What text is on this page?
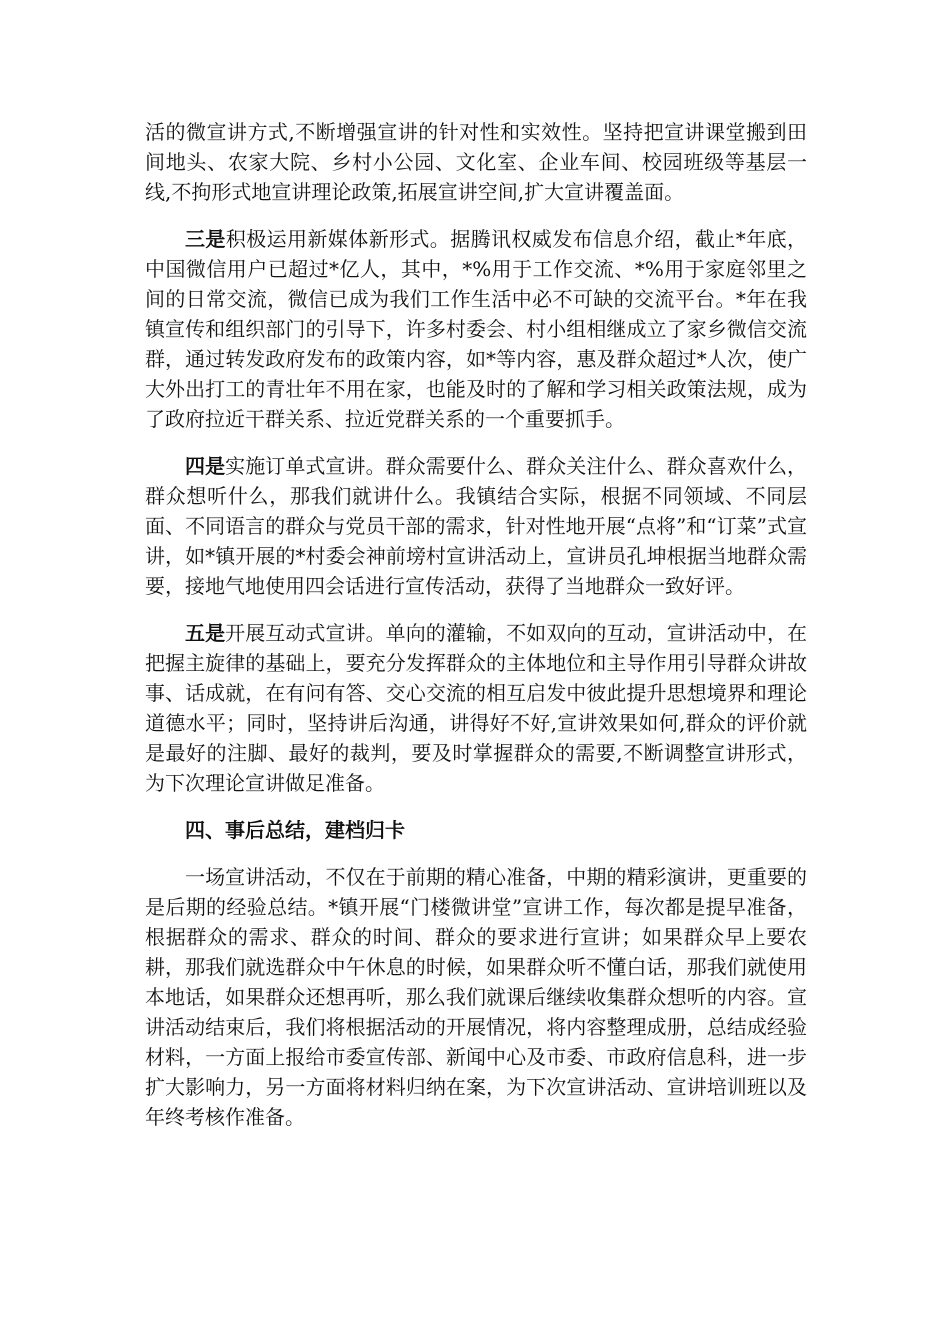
活的微宣讲方式,不断增强宣讲的针对性和实效性。坚持把宣讲课堂搬到田间地头、农家大院、乡村小公园、文化室、企业车间、校园班级等基层一线,不拘形式地宣讲理论政策,拓展宣讲空间,扩大宣讲覆盖面。

三是积极运用新媒体新形式。据腾讯权威发布信息介绍，截止*年底，中国微信用户已超过*亿人，其中，*%用于工作交流、*%用于家庭邻里之间的日常交流，微信已成为我们工作生活中必不可缺的交流平台。*年在我镇宣传和组织部门的引导下，许多村委会、村小组相继成立了家乡微信交流群，通过转发政府发布的政策内容，如*等内容，惠及群众超过*人次，使广大外出打工的青壮年不用在家，也能及时的了解和学习相关政策法规，成为了政府拉近干群关系、拉近党群关系的一个重要抓手。

四是实施订单式宣讲。群众需要什么、群众关注什么、群众喜欢什么，群众想听什么，那我们就讲什么。我镇结合实际，根据不同领域、不同层面、不同语言的群众与党员干部的需求，针对性地开展“点将”和“订菜”式宣讲，如*镇开展的*村委会神前塝村宣讲活动上，宣讲员孔坤根据当地群众需要，接地气地使用四会话进行宣传活动，获得了当地群众一致好评。

五是开展互动式宣讲。单向的灌输，不如双向的互动，宣讲活动中，在把握主旋律的基础上，要充分发挥群众的主体地位和主导作用引导群众讲故事、话成就，在有问有答、交心交流的相互启发中彼此提升思想境界和理论道德水平；同时，坚持讲后沟通，讲得好不好,宣讲效果如何,群众的评价就是最好的注脚、最好的裁判，要及时掌握群众的需要,不断调整宣讲形式，为下次理论宣讲做足准备。

四、事后总结，建档归卡

一场宣讲活动，不仅在于前期的精心准备，中期的精彩演讲，更重要的是后期的经验总结。*镇开展“门楼微讲堂”宣讲工作，每次都是提早准备，根据群众的需求、群众的时间、群众的要求进行宣讲；如果群众早上要农耕，那我们就选群众中午休息的时候，如果群众听不懂白话，那我们就使用本地话，如果群众还想再听，那么我们就课后继续收集群众想听的内容。宣讲活动结束后，我们将根据活动的开展情况，将内容整理成册，总结成经验材料，一方面上报给市委宣传部、新闻中心及市委、市政府信息科，进一步扩大影响力，另一方面将材料归纳在案，为下次宣讲活动、宣讲培训班以及年终考核作准备。
